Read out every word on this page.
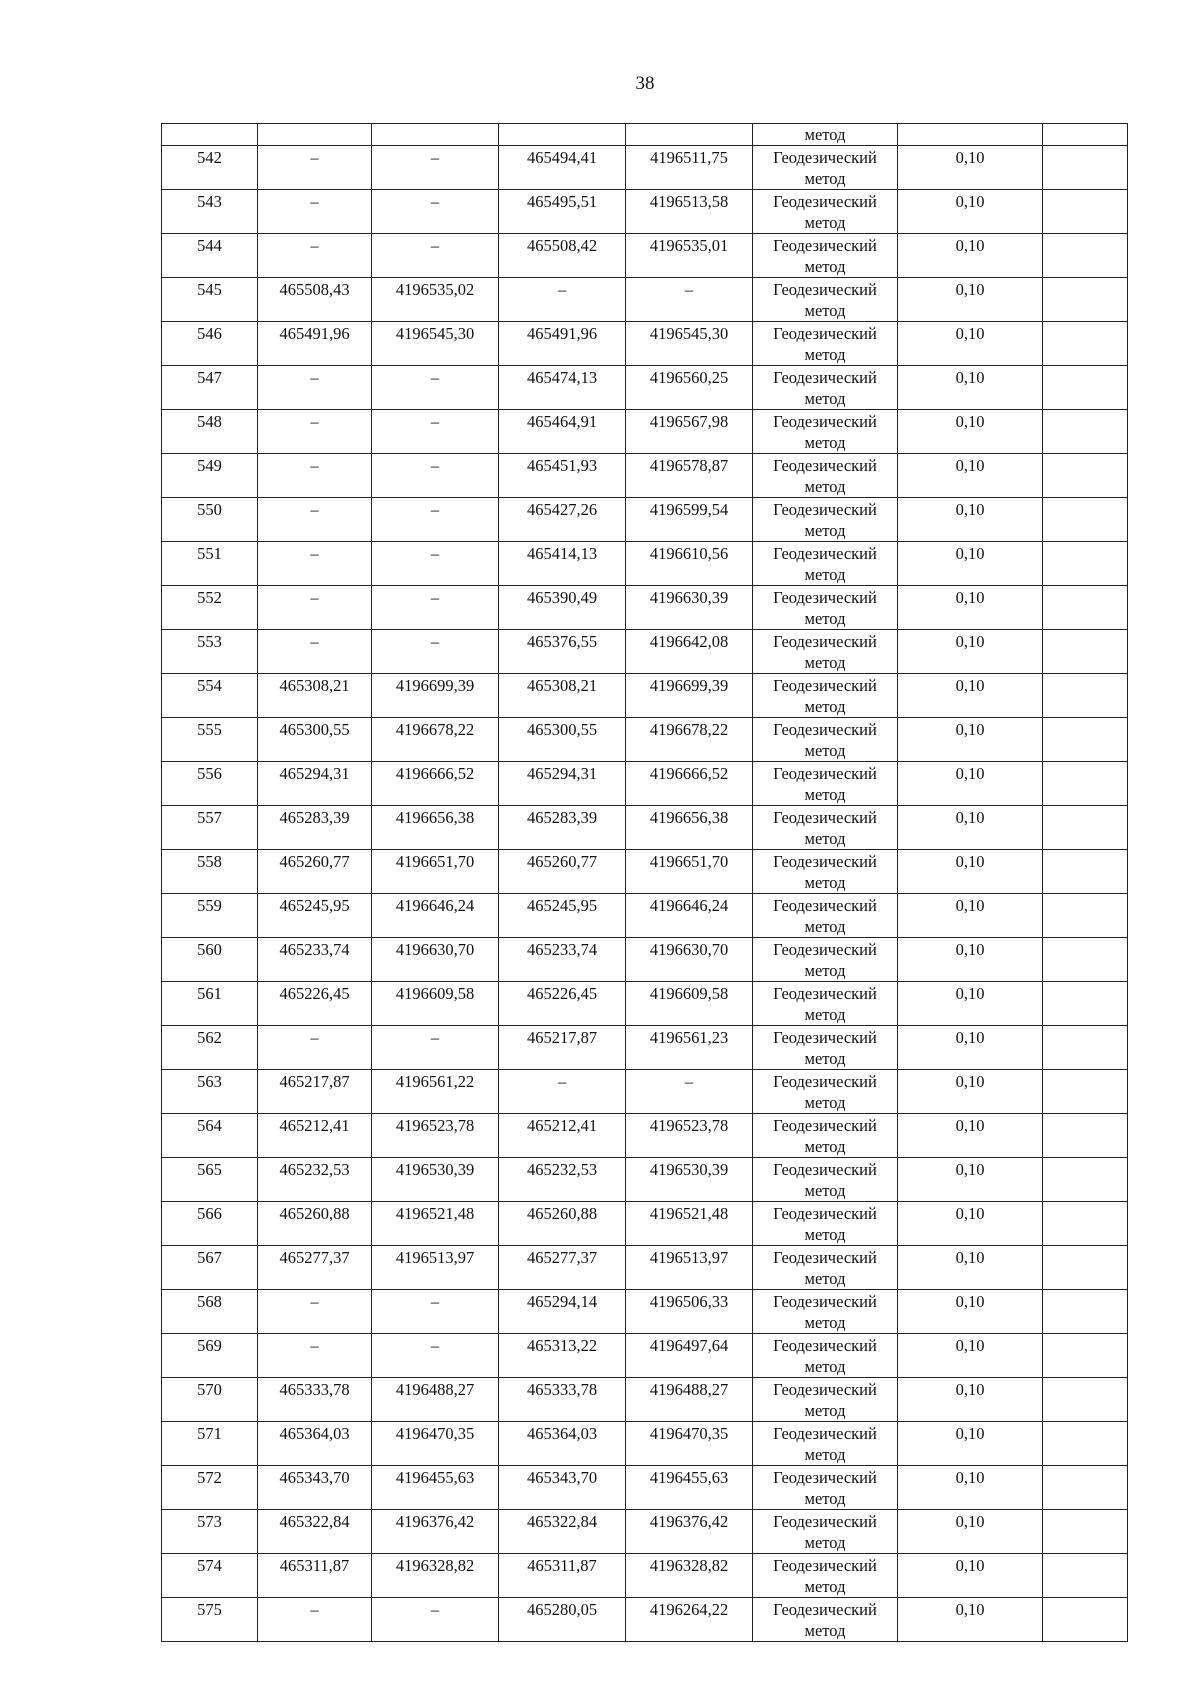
38
					метод		
542	–	–	465494,41	4196511,75	Геодезический метод	0,10	
543	–	–	465495,51	4196513,58	Геодезический метод	0,10	
544	–	–	465508,42	4196535,01	Геодезический метод	0,10	
545	465508,43	4196535,02	–	–	Геодезический метод	0,10	
546	465491,96	4196545,30	465491,96	4196545,30	Геодезический метод	0,10	
547	–	–	465474,13	4196560,25	Геодезический метод	0,10	
548	–	–	465464,91	4196567,98	Геодезический метод	0,10	
549	–	–	465451,93	4196578,87	Геодезический метод	0,10	
550	–	–	465427,26	4196599,54	Геодезический метод	0,10	
551	–	–	465414,13	4196610,56	Геодезический метод	0,10	
552	–	–	465390,49	4196630,39	Геодезический метод	0,10	
553	–	–	465376,55	4196642,08	Геодезический метод	0,10	
554	465308,21	4196699,39	465308,21	4196699,39	Геодезический метод	0,10	
555	465300,55	4196678,22	465300,55	4196678,22	Геодезический метод	0,10	
556	465294,31	4196666,52	465294,31	4196666,52	Геодезический метод	0,10	
557	465283,39	4196656,38	465283,39	4196656,38	Геодезический метод	0,10	
558	465260,77	4196651,70	465260,77	4196651,70	Геодезический метод	0,10	
559	465245,95	4196646,24	465245,95	4196646,24	Геодезический метод	0,10	
560	465233,74	4196630,70	465233,74	4196630,70	Геодезический метод	0,10	
561	465226,45	4196609,58	465226,45	4196609,58	Геодезический метод	0,10	
562	–	–	465217,87	4196561,23	Геодезический метод	0,10	
563	465217,87	4196561,22	–	–	Геодезический метод	0,10	
564	465212,41	4196523,78	465212,41	4196523,78	Геодезический метод	0,10	
565	465232,53	4196530,39	465232,53	4196530,39	Геодезический метод	0,10	
566	465260,88	4196521,48	465260,88	4196521,48	Геодезический метод	0,10	
567	465277,37	4196513,97	465277,37	4196513,97	Геодезический метод	0,10	
568	–	–	465294,14	4196506,33	Геодезический метод	0,10	
569	–	–	465313,22	4196497,64	Геодезический метод	0,10	
570	465333,78	4196488,27	465333,78	4196488,27	Геодезический метод	0,10	
571	465364,03	4196470,35	465364,03	4196470,35	Геодезический метод	0,10	
572	465343,70	4196455,63	465343,70	4196455,63	Геодезический метод	0,10	
573	465322,84	4196376,42	465322,84	4196376,42	Геодезический метод	0,10	
574	465311,87	4196328,82	465311,87	4196328,82	Геодезический метод	0,10	
575	–	–	465280,05	4196264,22	Геодезический метод	0,10	
